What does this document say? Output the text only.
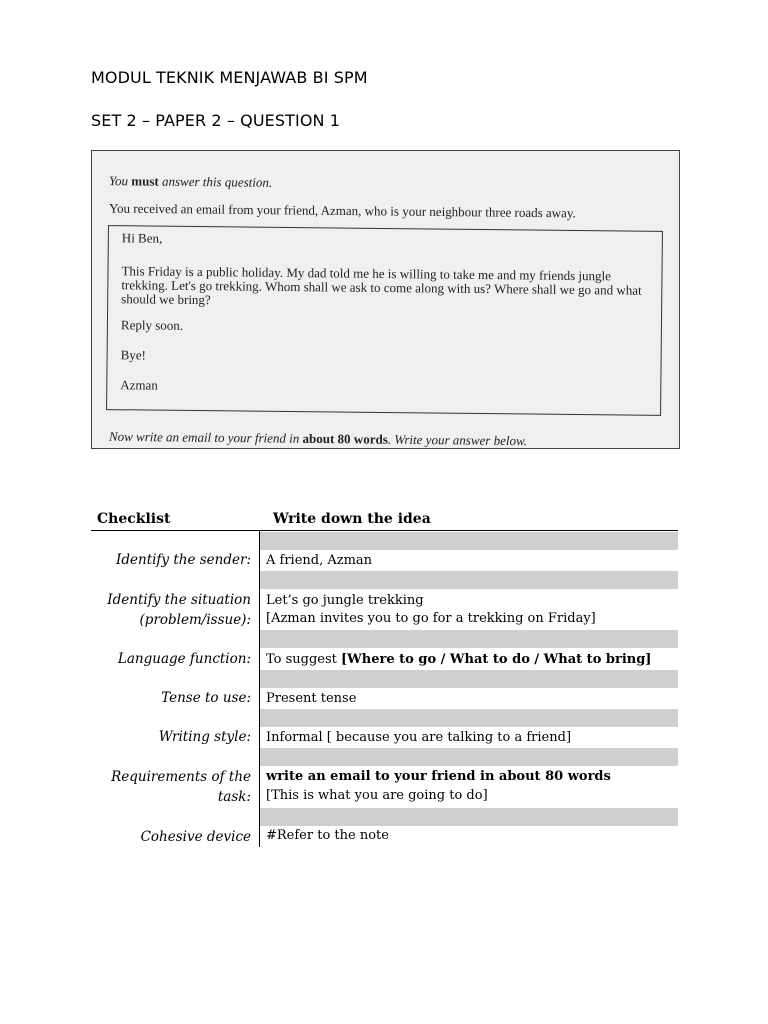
MODUL TEKNIK MENJAWAB BI SPM
SET 2 – PAPER 2 – QUESTION 1
You must answer this question.
You received an email from your friend, Azman, who is your neighbour three roads away.

Hi Ben,

This Friday is a public holiday. My dad told me he is willing to take me and my friends jungle trekking. Let's go trekking. Whom shall we ask to come along with us? Where shall we go and what should we bring?

Reply soon.

Bye!

Azman

Now write an email to your friend in about 80 words. Write your answer below.
Checklist	Write down the idea
Identify the sender: A friend, Azman
Identify the situation (problem/issue):
Let’s go jungle trekking
[Azman invites you to go for a trekking on Friday]
Language function: To suggest [Where to go / What to do / What to bring]
Tense to use: Present tense
Writing style: Informal [ because you are talking to a friend]
Requirements of the task:
write an email to your friend in about 80 words
[This is what you are going to do]
Cohesive device #Refer to the note
